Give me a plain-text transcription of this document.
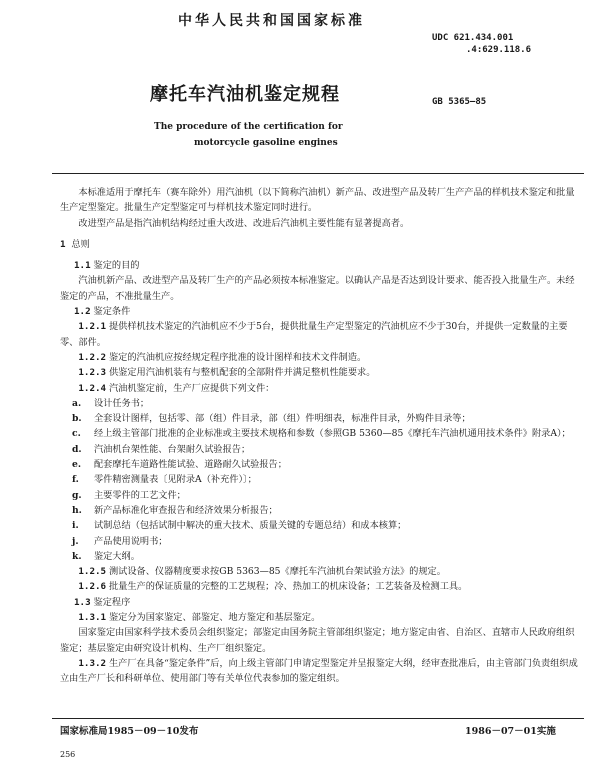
中华人民共和国国家标准
UDC 621.434.001
.4:629.118.6
摩托车汽油机鉴定规程	GB 5365—85
The procedure of the certification for
motorcycle gasoline engines

本标准适用于摩托车（赛车除外）用汽油机（以下简称汽油机）新产品、改进型产品及转厂生产产品的样机技术鉴定和批量生产定型鉴定。批量生产定型鉴定可与样机技术鉴定同时进行。

改进型产品是指汽油机结构经过重大改进、改进后汽油机主要性能有显著提高者。

1 总则

1.1 鉴定的目的

汽油机新产品、改进型产品及转厂生产的产品必须按本标准鉴定。以确认产品是否达到设计要求、能否投入批量生产。未经鉴定的产品，不准批量生产。

1.2 鉴定条件

1.2.1 提供样机技术鉴定的汽油机应不少于5台，提供批量生产定型鉴定的汽油机应不少于30台，并提供一定数量的主要零、部件。

1.2.2 鉴定的汽油机应按经规定程序批准的设计图样和技术文件制造。

1.2.3 供鉴定用汽油机装有与整机配套的全部附件并满足整机性能要求。

1.2.4 汽油机鉴定前，生产厂应提供下列文件：

a. 设计任务书；

b. 全套设计图样，包括零、部（组）件目录，部（组）件明细表，标准件目录，外购件目录等；

c. 经上级主管部门批准的企业标准或主要技术规格和参数（参照GB 5360—85《摩托车汽油机通用技术条件》附录A）；

d. 汽油机台架性能、台架耐久试验报告；

e. 配套摩托车道路性能试验、道路耐久试验报告；

f. 零件精密测量表〔见附录A（补充件）〕；

g. 主要零件的工艺文件；

h. 新产品标准化审查报告和经济效果分析报告；

i. 试制总结（包括试制中解决的重大技术、质量关键的专题总结）和成本核算；

j. 产品使用说明书；

k. 鉴定大纲。

1.2.5 测试设备、仪器精度要求按GB 5363—85《摩托车汽油机台架试验方法》的规定。

1.2.6 批量生产的保证质量的完整的工艺规程；冷、热加工的机床设备；工艺装备及检测工具。

1.3 鉴定程序

1.3.1 鉴定分为国家鉴定、部鉴定、地方鉴定和基层鉴定。

国家鉴定由国家科学技术委员会组织鉴定；部鉴定由国务院主管部组织鉴定；地方鉴定由省、自治区、直辖市人民政府组织鉴定；基层鉴定由研究设计机构、生产厂组织鉴定。

1.3.2 生产厂在具备“鉴定条件”后，向上级主管部门申请定型鉴定并呈报鉴定大纲，经审查批准后，由主管部门负责组织成立由生产厂长和科研单位、使用部门等有关单位代表参加的鉴定组织。

国家标准局1985－09－10发布	1986－07－01实施
256
